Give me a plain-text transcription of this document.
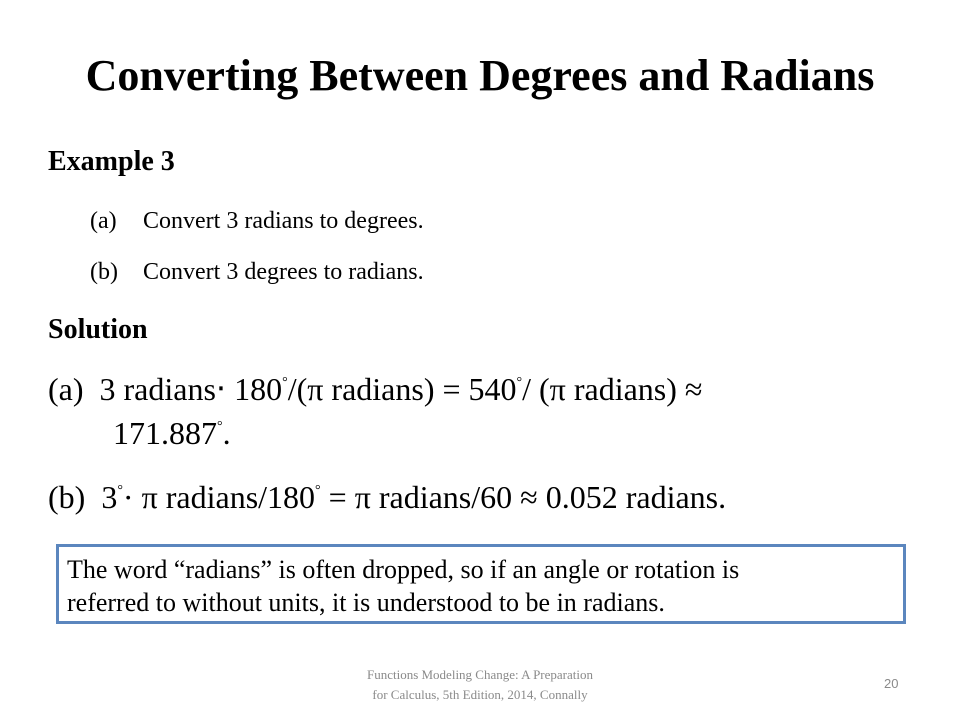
Converting Between Degrees and Radians
Example 3
(a)	Convert 3 radians to degrees.
(b)	Convert 3 degrees to radians.
Solution
(a) 3 radians‧ 180°/(π radians) = 540°/ (π radians) ≈
171.887°.
(b) 3°· π radians/180° = π radians/60 ≈ 0.052 radians.
The word “radians” is often dropped, so if an angle or rotation is
referred to without units, it is understood to be in radians.
Functions Modeling Change: A Preparation
for Calculus, 5th Edition, 2014, Connally
20
